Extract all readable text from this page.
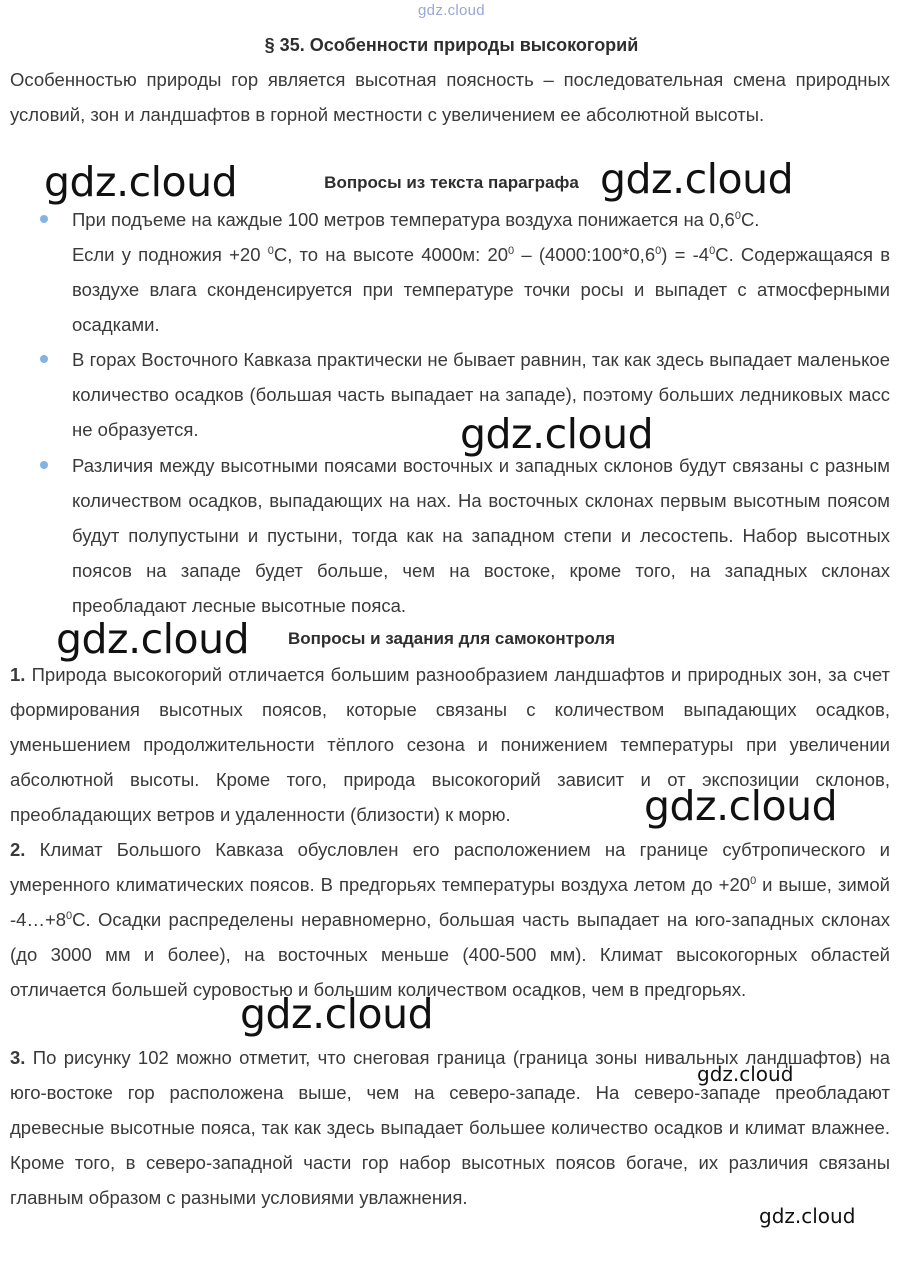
gdz.cloud
§ 35. Особенности природы высокогорий

Особенностью природы гор является высотная поясность – последовательная смена природных условий, зон и ландшафтов в горной местности с увеличением ее абсолютной высоты.

Вопросы из текста параграфа

При подъеме на каждые 100 метров температура воздуха понижается на $0,6^0С$.
Если у подножия +20 $^0$С, то на высоте 4000м: $20^0$ – $(4000:100*0,6^0) = -4^0С$. Содержащаяся в воздухе влага сконденсируется при температуре точки росы и выпадет с атмосферными осадками.

В горах Восточного Кавказа практически не бывает равнин, так как здесь выпадает маленькое количество осадков (большая часть выпадает на западе), поэтому больших ледниковых масс не образуется.

Различия между высотными поясами восточных и западных склонов будут связаны с разным количеством осадков, выпадающих на нах. На восточных склонах первым высотным поясом будут полупустыни и пустыни, тогда как на западном степи и лесостепь. Набор высотных поясов на западе будет больше, чем на востоке, кроме того, на западных склонах преобладают лесные высотные пояса.

Вопросы и задания для самоконтроля

1. Природа высокогорий отличается большим разнообразием ландшафтов и природных зон, за счет формирования высотных поясов, которые связаны с количеством выпадающих осадков, уменьшением продолжительности тёплого сезона и понижением температуры при увеличении абсолютной высоты. Кроме того, природа высокогорий зависит и от экспозиции склонов, преобладающих ветров и удаленности (близости) к морю.

2. Климат Большого Кавказа обусловлен его расположением на границе субтропического и умеренного климатических поясов. В предгорьях температуры воздуха летом до $+20^0$ и выше, зимой $-4\dots+8^0С$. Осадки распределены неравномерно, большая часть выпадает на юго-западных склонах (до 3000 мм и более), на восточных меньше (400-500 мм). Климат высокогорных областей отличается большей суровостью и большим количеством осадков, чем в предгорьях.

3. По рисунку 102 можно отметит, что снеговая граница (граница зоны нивальных ландшафтов) на юго-востоке гор расположена выше, чем на северо-западе. На северо-западе преобладают древесные высотные пояса, так как здесь выпадает большее количество осадков и климат влажнее. Кроме того, в северо-западной части гор набор высотных поясов богаче, их различия связаны главным образом с разными условиями увлажнения.

gdz.cloud	gdz.cloud
gdz.cloud
gdz.cloud
gdz.cloud
gdz.cloud
gdz.cloud
gdz.cloud
